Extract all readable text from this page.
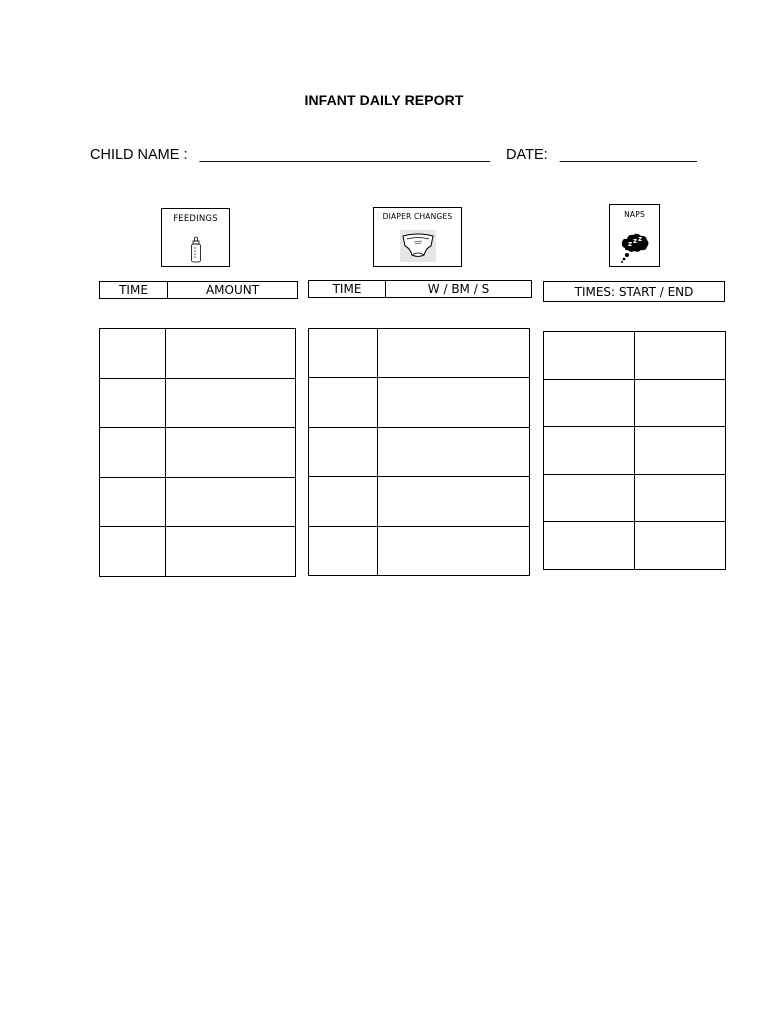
INFANT DAILY REPORT
CHILD NAME : ____________________________________ DATE: _________________
FEEDINGS	DIAPER CHANGES	NAPS
z z z
TIME	AMOUNT	TIME	W / BM / S	TIMES: START / END
